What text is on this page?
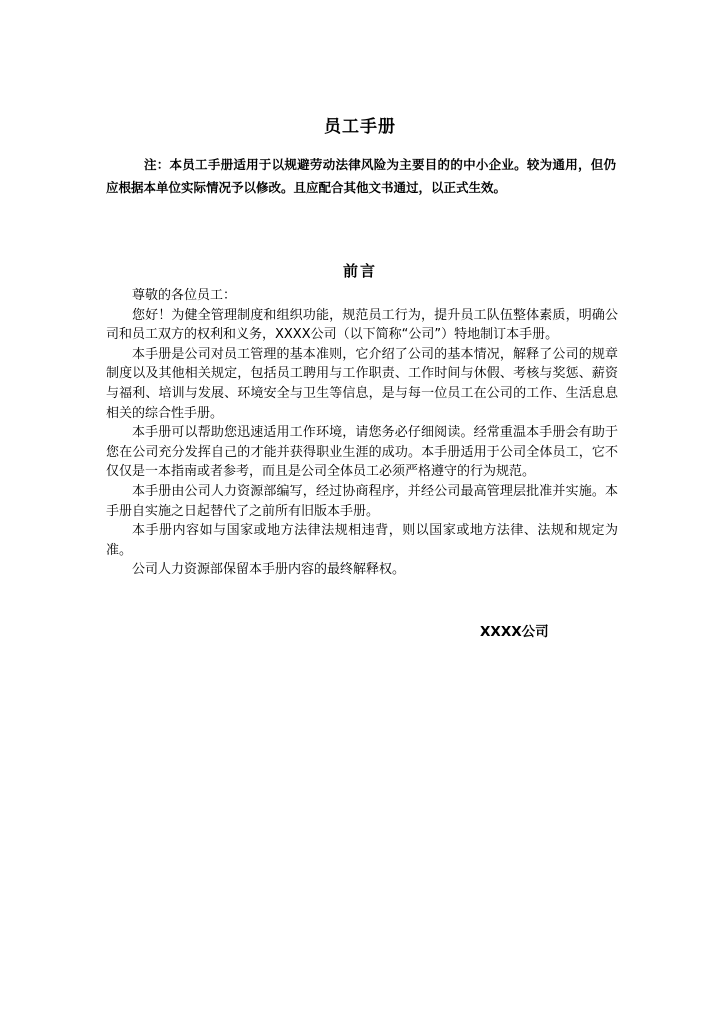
员工手册

注：本员工手册适用于以规避劳动法律风险为主要目的的中小企业。较为通用，但仍应根据本单位实际情况予以修改。且应配合其他文书通过，以正式生效。

前言

尊敬的各位员工：

您好！为健全管理制度和组织功能，规范员工行为，提升员工队伍整体素质，明确公司和员工双方的权利和义务，XXXX公司（以下简称“公司”）特地制订本手册。

本手册是公司对员工管理的基本准则，它介绍了公司的基本情况，解释了公司的规章制度以及其他相关规定，包括员工聘用与工作职责、工作时间与休假、考核与奖惩、薪资与福利、培训与发展、环境安全与卫生等信息，是与每一位员工在公司的工作、生活息息相关的综合性手册。

本手册可以帮助您迅速适用工作环境，请您务必仔细阅读。经常重温本手册会有助于您在公司充分发挥自己的才能并获得职业生涯的成功。本手册适用于公司全体员工，它不仅仅是一本指南或者参考，而且是公司全体员工必须严格遵守的行为规范。

本手册由公司人力资源部编写，经过协商程序，并经公司最高管理层批准并实施。本手册自实施之日起替代了之前所有旧版本手册。

本手册内容如与国家或地方法律法规相违背，则以国家或地方法律、法规和规定为准。

公司人力资源部保留本手册内容的最终解释权。

XXXX公司
